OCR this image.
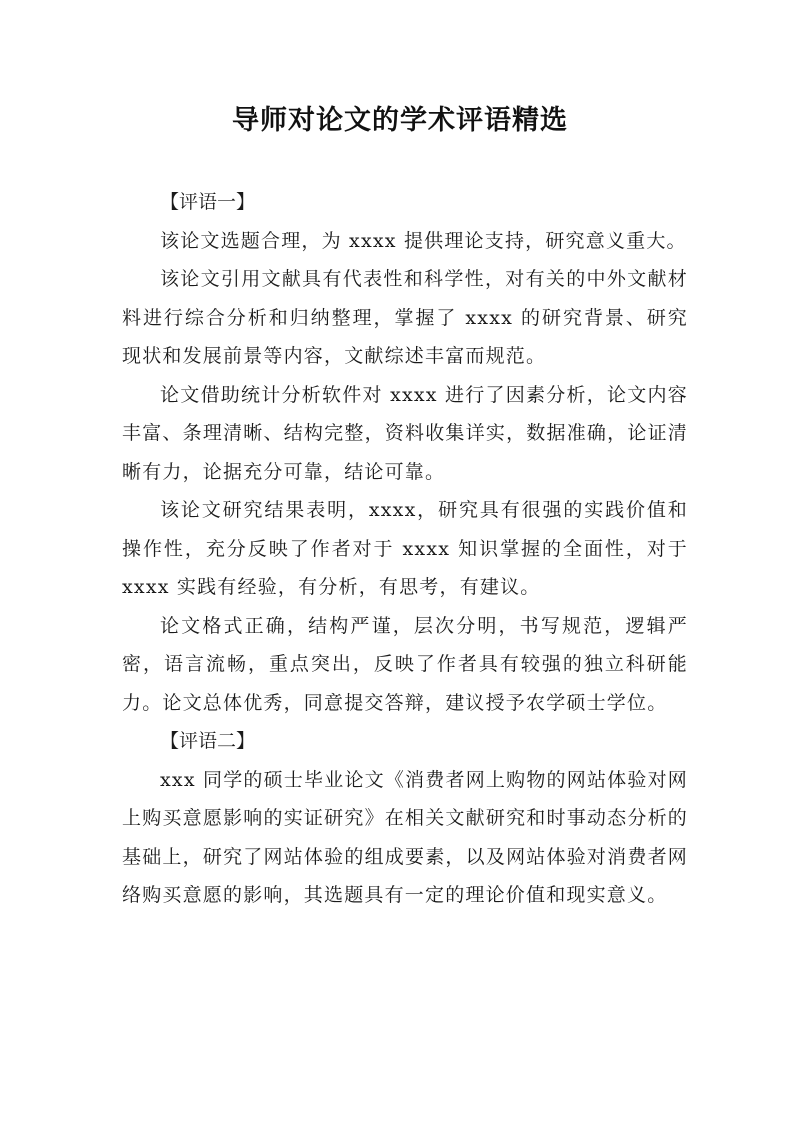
导师对论文的学术评语精选

【评语一】

该论文选题合理，为 xxxx 提供理论支持，研究意义重大。

该论文引用文献具有代表性和科学性，对有关的中外文献材料进行综合分析和归纳整理，掌握了 xxxx 的研究背景、研究现状和发展前景等内容，文献综述丰富而规范。

论文借助统计分析软件对 xxxx 进行了因素分析，论文内容丰富、条理清晰、结构完整，资料收集详实，数据准确，论证清晰有力，论据充分可靠，结论可靠。

该论文研究结果表明，xxxx，研究具有很强的实践价值和操作性，充分反映了作者对于 xxxx 知识掌握的全面性，对于 xxxx 实践有经验，有分析，有思考，有建议。

论文格式正确，结构严谨，层次分明，书写规范，逻辑严密，语言流畅，重点突出，反映了作者具有较强的独立科研能力。论文总体优秀，同意提交答辩，建议授予农学硕士学位。

【评语二】

xxx 同学的硕士毕业论文《消费者网上购物的网站体验对网上购买意愿影响的实证研究》在相关文献研究和时事动态分析的基础上，研究了网站体验的组成要素，以及网站体验对消费者网络购买意愿的影响，其选题具有一定的理论价值和现实意义。
